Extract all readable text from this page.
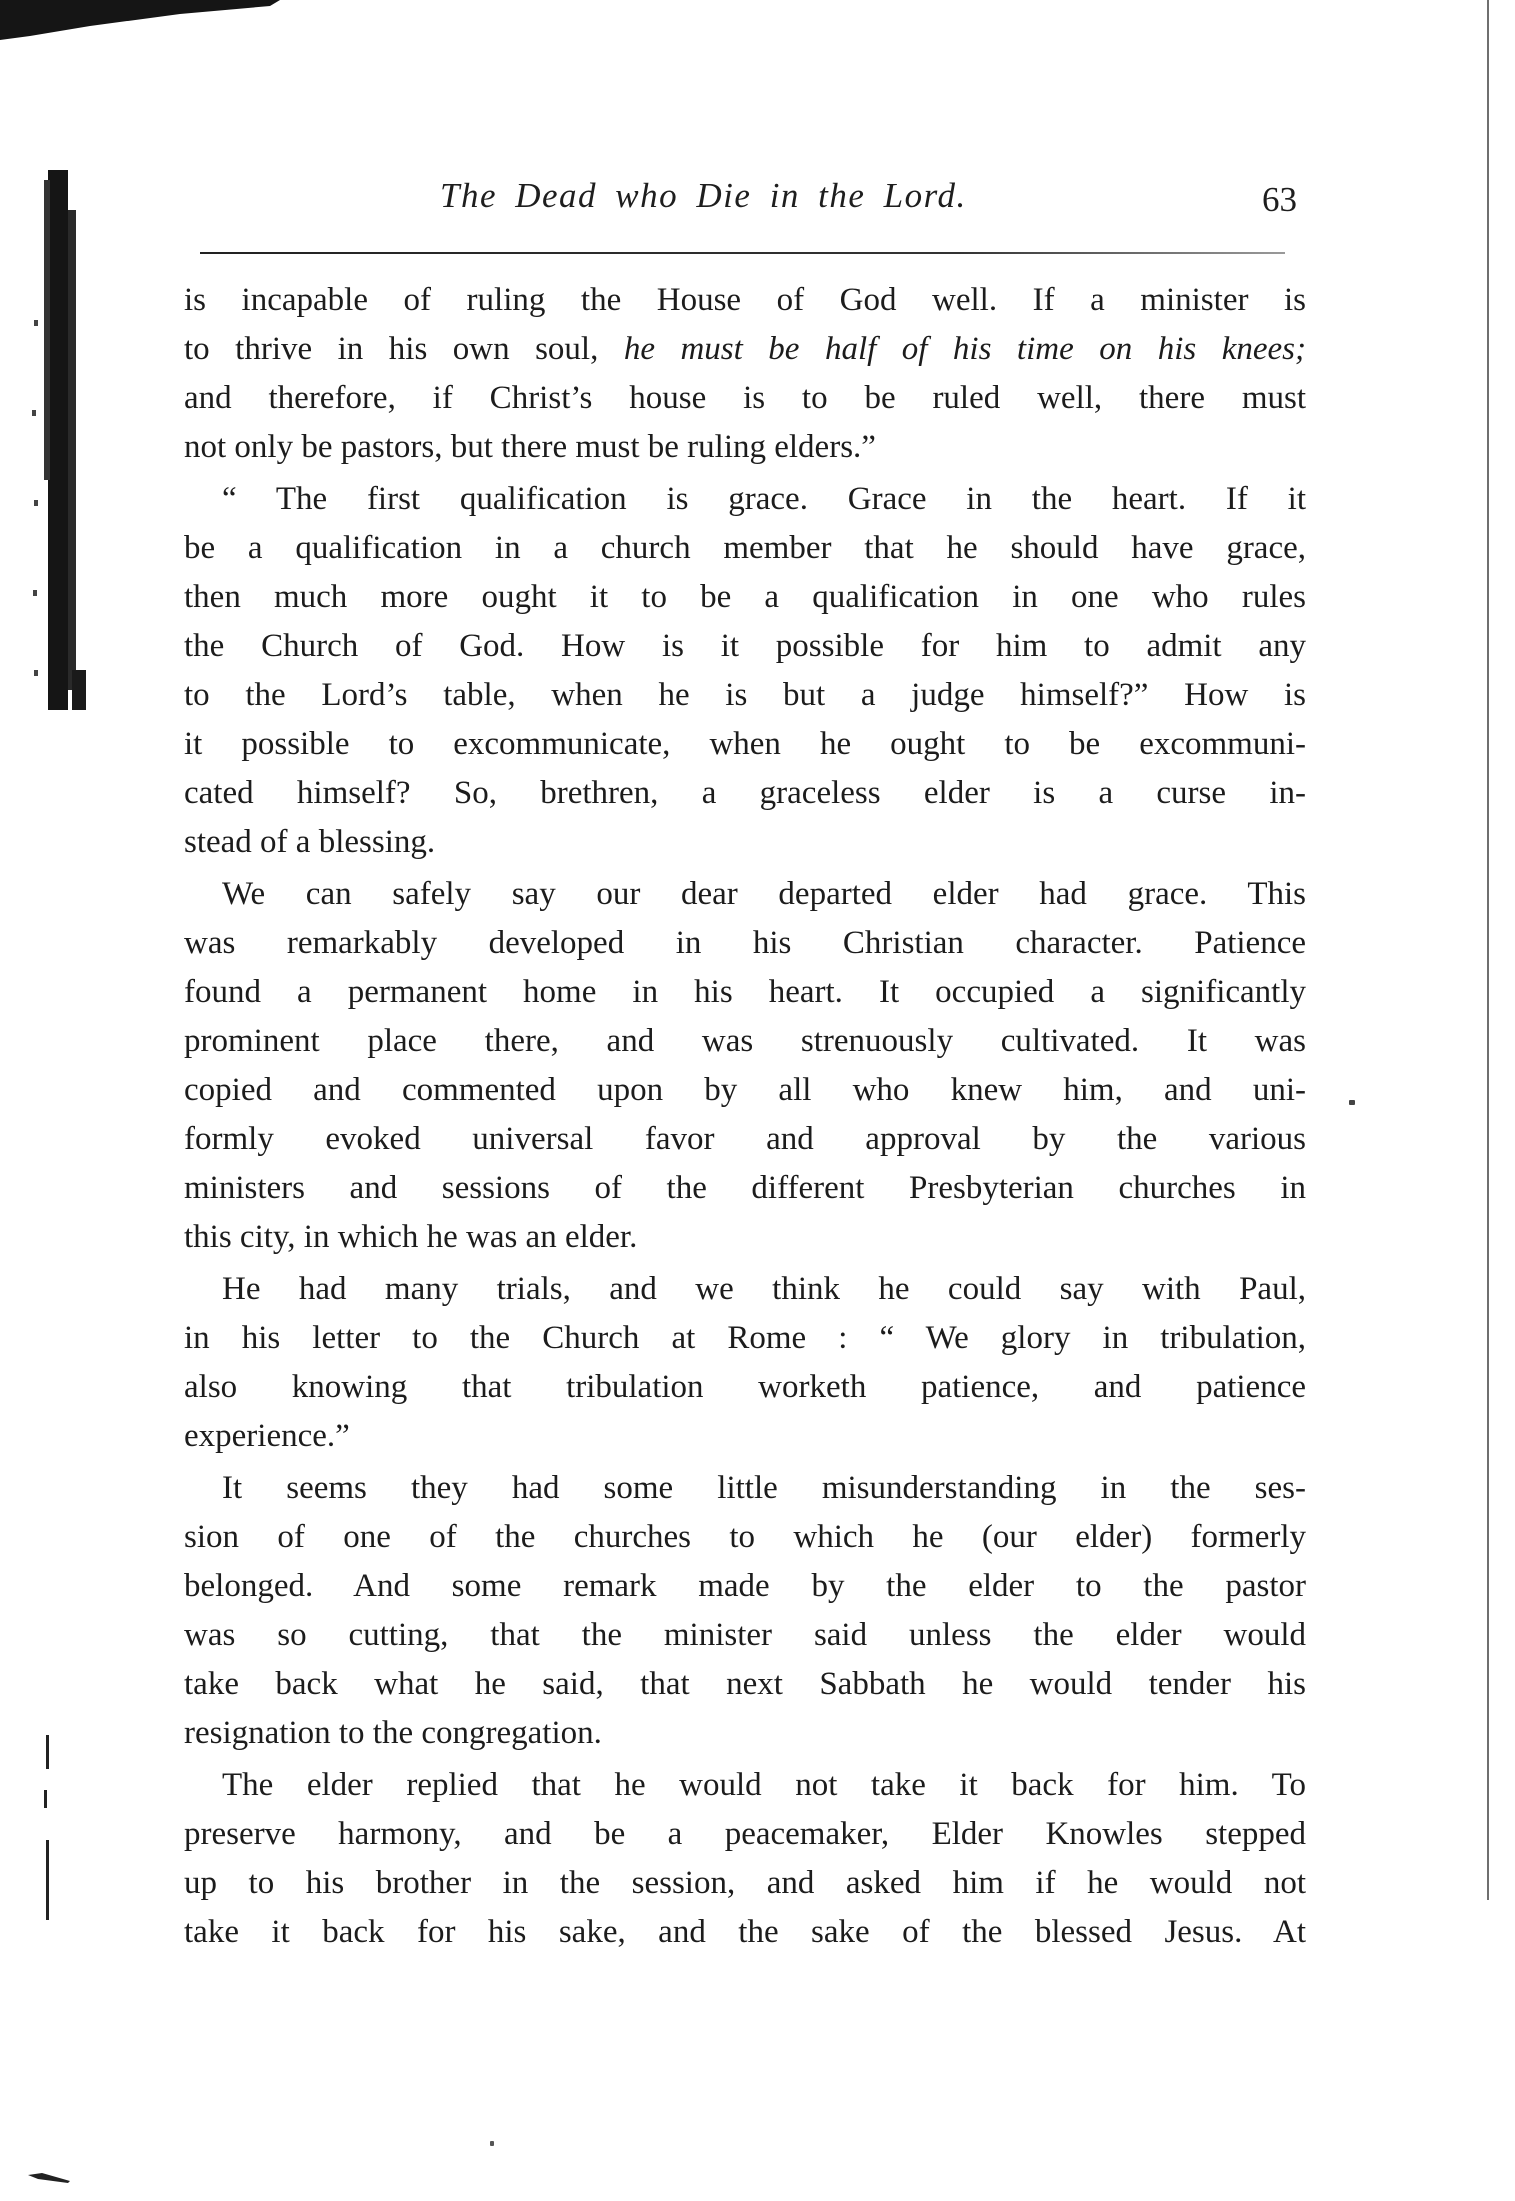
The Dead who Die in the Lord.	63
is incapable of ruling the House of God well. If a minister is
to thrive in his own soul, he must be half of his time on his knees;
and therefore, if Christ’s house is to be ruled well, there must
not only be pastors, but there must be ruling elders.”
“ The first qualification is grace. Grace in the heart. If it
be a qualification in a church member that he should have grace,
then much more ought it to be a qualification in one who rules
the Church of God. How is it possible for him to admit any
to the Lord’s table, when he is but a judge himself?” How is
it possible to excommunicate, when he ought to be excommuni-
cated himself? So, brethren, a graceless elder is a curse in-
stead of a blessing.
We can safely say our dear departed elder had grace. This
was remarkably developed in his Christian character. Patience
found a permanent home in his heart. It occupied a significantly
prominent place there, and was strenuously cultivated. It was
copied and commented upon by all who knew him, and uni-
formly evoked universal favor and approval by the various
ministers and sessions of the different Presbyterian churches in
this city, in which he was an elder.
He had many trials, and we think he could say with Paul,
in his letter to the Church at Rome : “ We glory in tribulation,
also knowing that tribulation worketh patience, and patience
experience.”
It seems they had some little misunderstanding in the ses-
sion of one of the churches to which he (our elder) formerly
belonged. And some remark made by the elder to the pastor
was so cutting, that the minister said unless the elder would
take back what he said, that next Sabbath he would tender his
resignation to the congregation.
The elder replied that he would not take it back for him. To
preserve harmony, and be a peacemaker, Elder Knowles stepped
up to his brother in the session, and asked him if he would not
take it back for his sake, and the sake of the blessed Jesus. At
